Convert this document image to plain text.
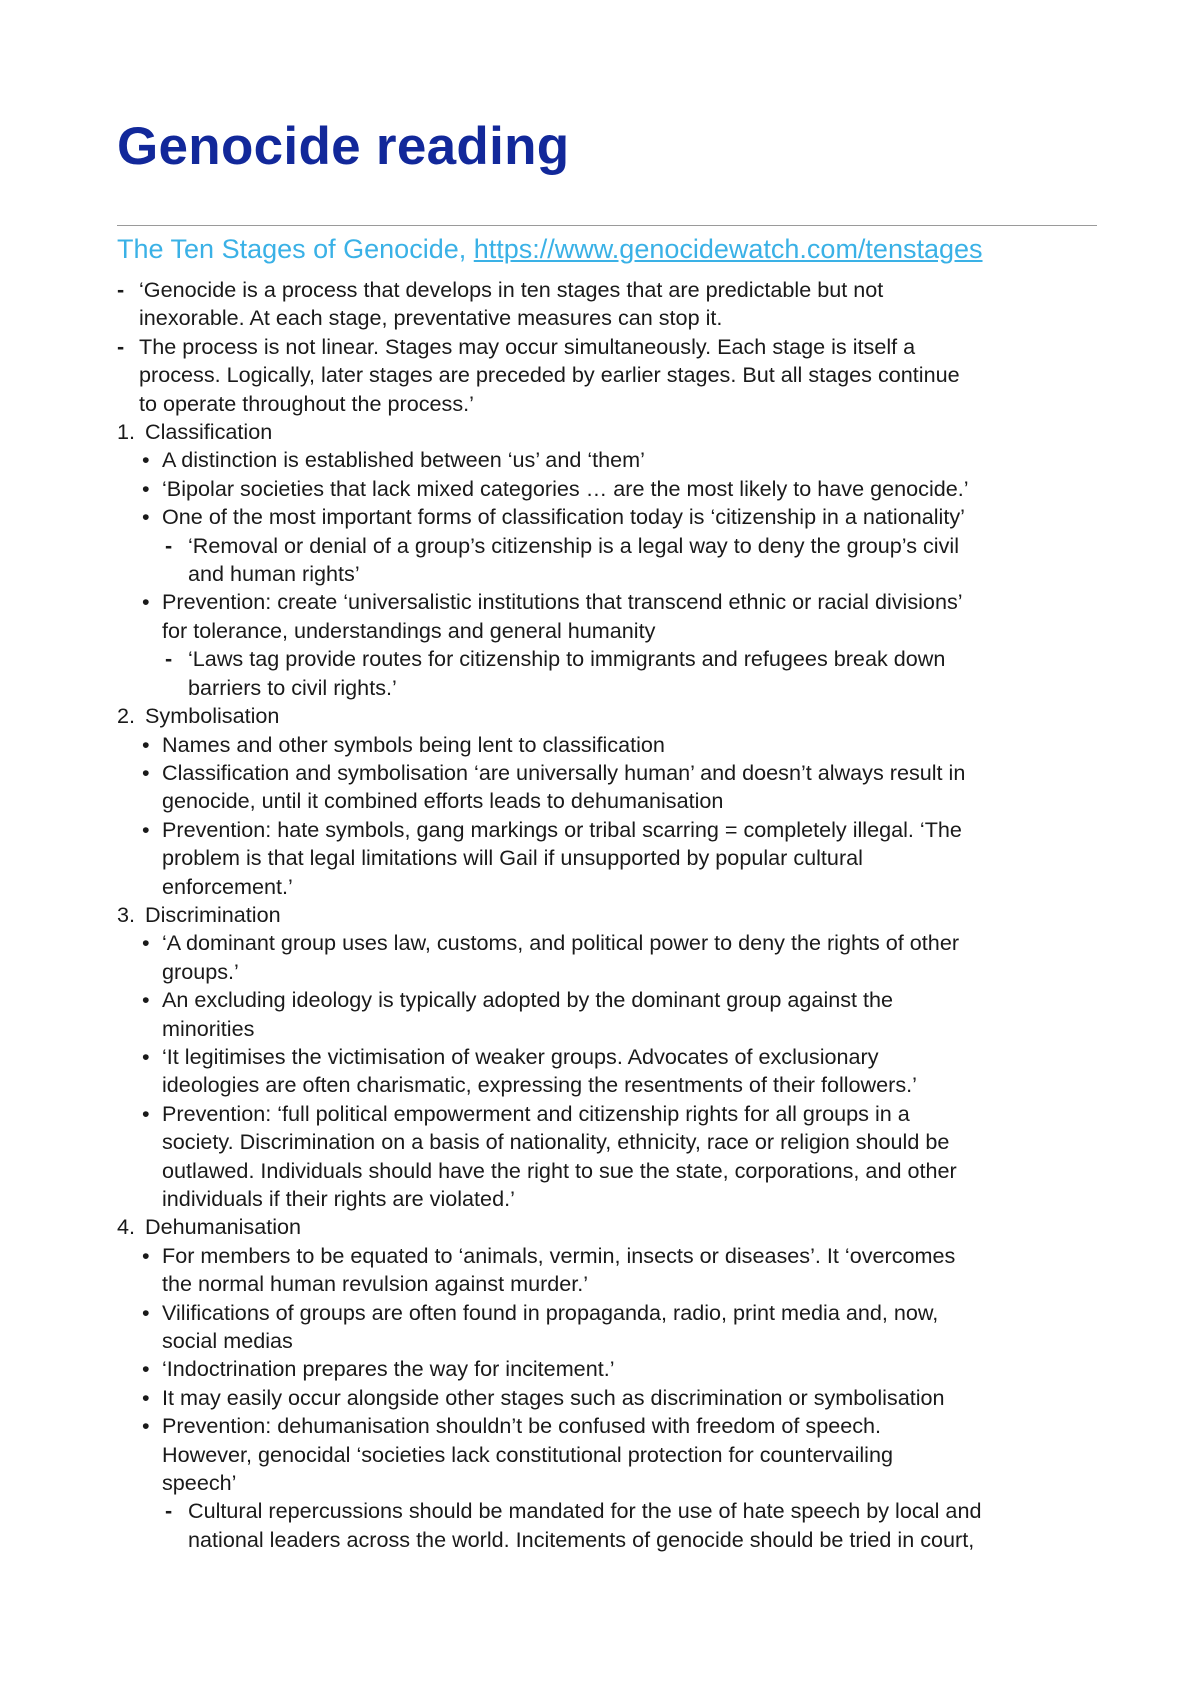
Genocide reading
The Ten Stages of Genocide, https://www.genocidewatch.com/tenstages
- ‘Genocide is a process that develops in ten stages that are predictable but not
inexorable. At each stage, preventative measures can stop it.
- The process is not linear. Stages may occur simultaneously. Each stage is itself a
process. Logically, later stages are preceded by earlier stages. But all stages continue
to operate throughout the process.’
1. Classification
• A distinction is established between ‘us’ and ‘them’
• ‘Bipolar societies that lack mixed categories … are the most likely to have genocide.’
• One of the most important forms of classification today is ‘citizenship in a nationality’
- ‘Removal or denial of a group’s citizenship is a legal way to deny the group’s civil
and human rights’
• Prevention: create ‘universalistic institutions that transcend ethnic or racial divisions’
for tolerance, understandings and general humanity
- ‘Laws tag provide routes for citizenship to immigrants and refugees break down
barriers to civil rights.’
2. Symbolisation
• Names and other symbols being lent to classification
• Classification and symbolisation ‘are universally human’ and doesn’t always result in
genocide, until it combined efforts leads to dehumanisation
• Prevention: hate symbols, gang markings or tribal scarring = completely illegal. ‘The
problem is that legal limitations will Gail if unsupported by popular cultural
enforcement.’
3. Discrimination
• ‘A dominant group uses law, customs, and political power to deny the rights of other
groups.’
• An excluding ideology is typically adopted by the dominant group against the
minorities
• ‘It legitimises the victimisation of weaker groups. Advocates of exclusionary
ideologies are often charismatic, expressing the resentments of their followers.’
• Prevention: ‘full political empowerment and citizenship rights for all groups in a
society. Discrimination on a basis of nationality, ethnicity, race or religion should be
outlawed. Individuals should have the right to sue the state, corporations, and other
individuals if their rights are violated.’
4. Dehumanisation
• For members to be equated to ‘animals, vermin, insects or diseases’. It ‘overcomes
the normal human revulsion against murder.’
• Vilifications of groups are often found in propaganda, radio, print media and, now,
social medias
• ‘Indoctrination prepares the way for incitement.’
• It may easily occur alongside other stages such as discrimination or symbolisation
• Prevention: dehumanisation shouldn’t be confused with freedom of speech.
However, genocidal ‘societies lack constitutional protection for countervailing
speech’
- Cultural repercussions should be mandated for the use of hate speech by local and
national leaders across the world. Incitements of genocide should be tried in court,
